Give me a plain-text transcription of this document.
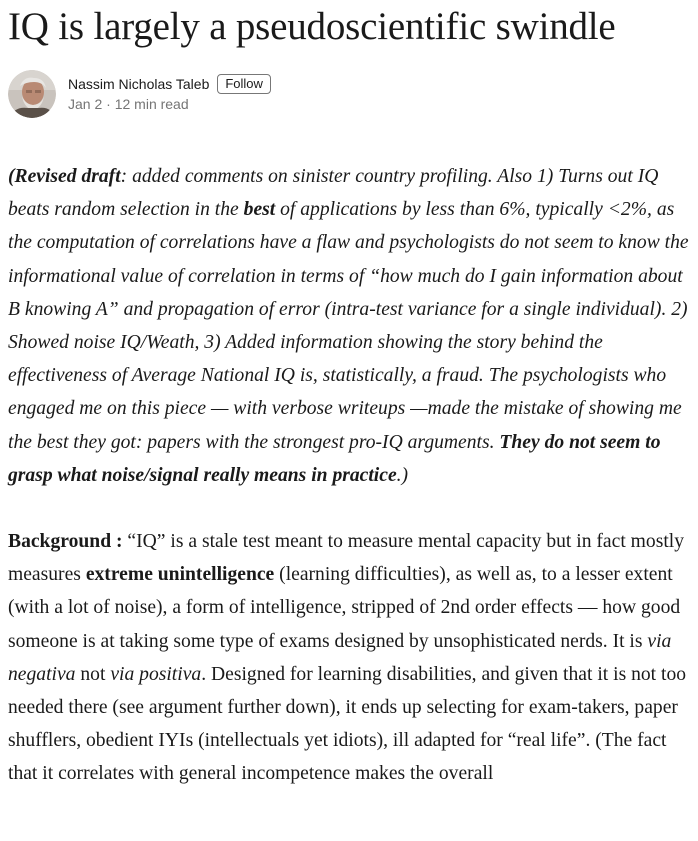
IQ is largely a pseudoscientific swindle
Nassim Nicholas Taleb	Follow
Jan 2 · 12 min read

(Revised draft: added comments on sinister country profiling. Also 1) Turns out IQ beats random selection in the best of applications by less than 6%, typically <2%, as the computation of correlations have a flaw and psychologists do not seem to know the informational value of correlation in terms of “how much do I gain information about B knowing A” and propagation of error (intra-test variance for a single individual). 2) Showed noise IQ/Weath, 3) Added information showing the story behind the effectiveness of Average National IQ is, statistically, a fraud. The psychologists who engaged me on this piece — with verbose writeups —made the mistake of showing me the best they got: papers with the strongest pro-IQ arguments. They do not seem to grasp what noise/signal really means in practice.)

Background : “IQ” is a stale test meant to measure mental capacity but in fact mostly measures extreme unintelligence (learning difficulties), as well as, to a lesser extent (with a lot of noise), a form of intelligence, stripped of 2nd order effects — how good someone is at taking some type of exams designed by unsophisticated nerds. It is via negativa not via positiva. Designed for learning disabilities, and given that it is not too needed there (see argument further down), it ends up selecting for exam-takers, paper shufflers, obedient IYIs (intellectuals yet idiots), ill adapted for “real life”. (The fact that it correlates with general incompetence makes the overall
